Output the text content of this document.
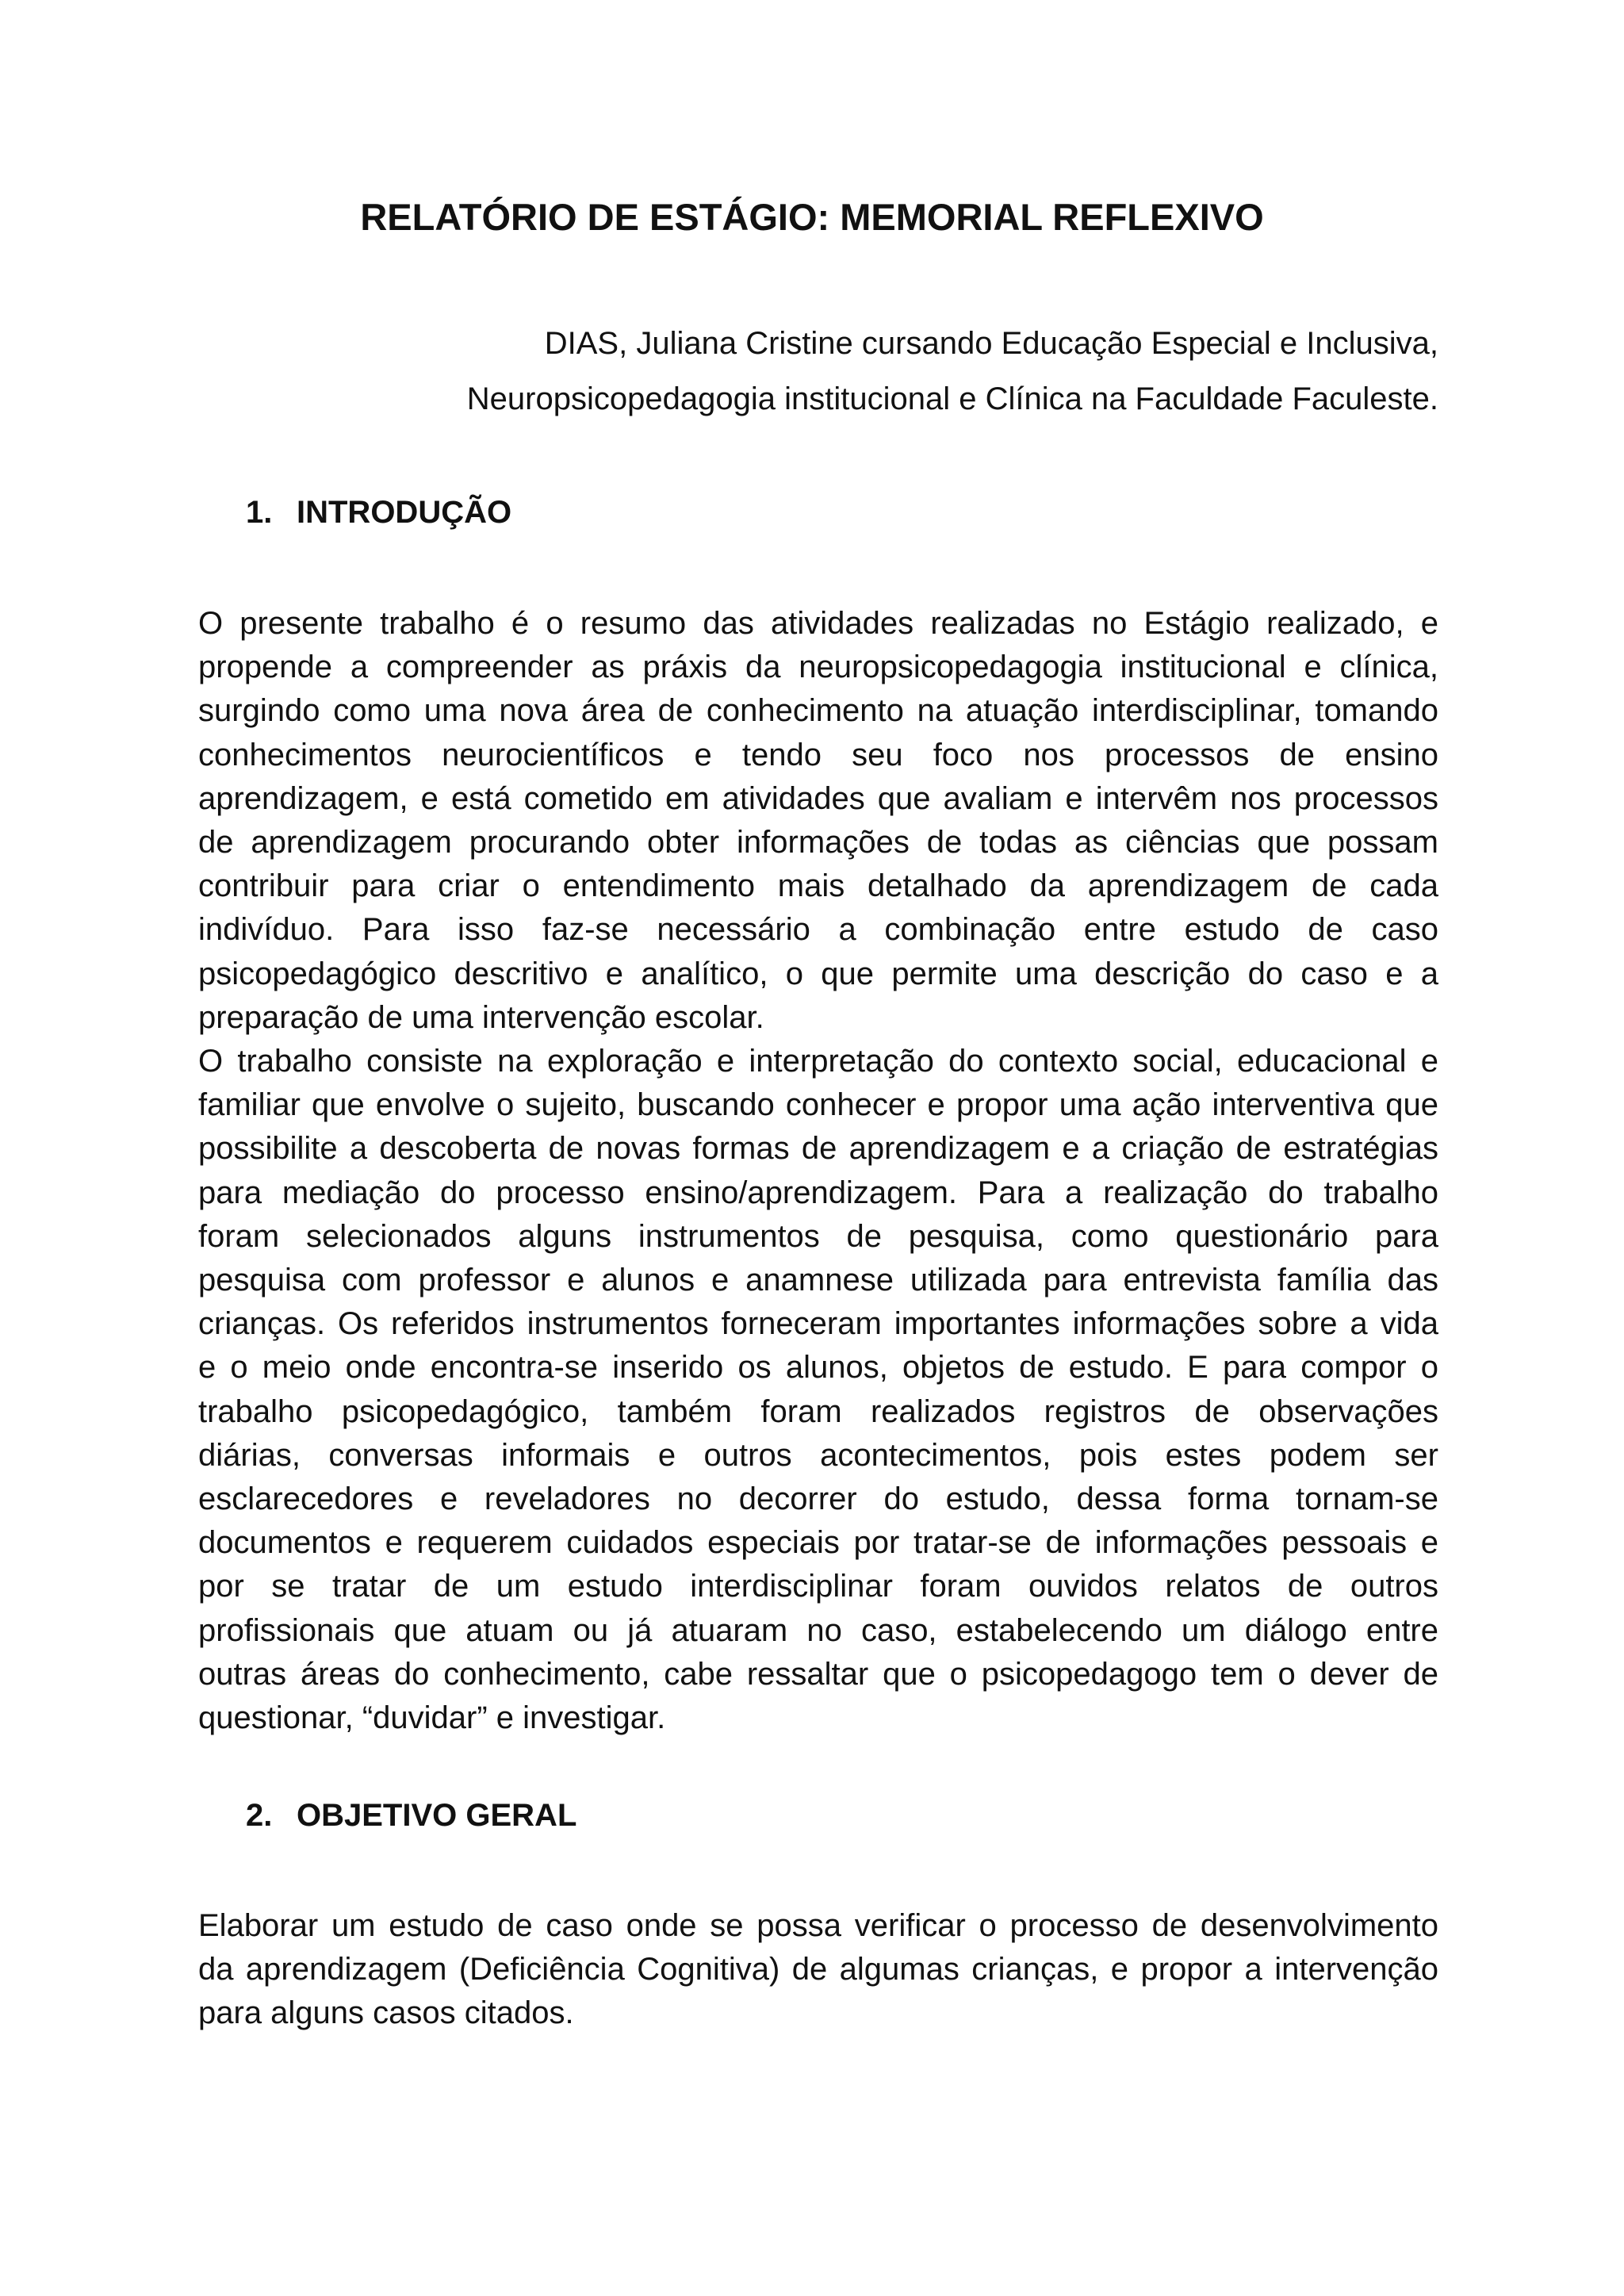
RELATÓRIO DE ESTÁGIO: MEMORIAL REFLEXIVO
DIAS, Juliana Cristine cursando Educação Especial e Inclusiva,
Neuropsicopedagogia institucional e Clínica na Faculdade Faculeste.
1. INTRODUÇÃO
O presente trabalho é o resumo das atividades realizadas no Estágio realizado, e
propende a compreender as práxis da neuropsicopedagogia institucional e clínica,
surgindo como uma nova área de conhecimento na atuação interdisciplinar, tomando
conhecimentos neurocientíficos e tendo seu foco nos processos de ensino
aprendizagem, e está cometido em atividades que avaliam e intervêm nos processos
de aprendizagem procurando obter informações de todas as ciências que possam
contribuir para criar o entendimento mais detalhado da aprendizagem de cada
indivíduo. Para isso faz-se necessário a combinação entre estudo de caso
psicopedagógico descritivo e analítico, o que permite uma descrição do caso e a
preparação de uma intervenção escolar.
O trabalho consiste na exploração e interpretação do contexto social, educacional e
familiar que envolve o sujeito, buscando conhecer e propor uma ação interventiva que
possibilite a descoberta de novas formas de aprendizagem e a criação de estratégias
para mediação do processo ensino/aprendizagem. Para a realização do trabalho
foram selecionados alguns instrumentos de pesquisa, como questionário para
pesquisa com professor e alunos e anamnese utilizada para entrevista família das
crianças. Os referidos instrumentos forneceram importantes informações sobre a vida
e o meio onde encontra-se inserido os alunos, objetos de estudo. E para compor o
trabalho psicopedagógico, também foram realizados registros de observações
diárias, conversas informais e outros acontecimentos, pois estes podem ser
esclarecedores e reveladores no decorrer do estudo, dessa forma tornam-se
documentos e requerem cuidados especiais por tratar-se de informações pessoais e
por se tratar de um estudo interdisciplinar foram ouvidos relatos de outros
profissionais que atuam ou já atuaram no caso, estabelecendo um diálogo entre
outras áreas do conhecimento, cabe ressaltar que o psicopedagogo tem o dever de
questionar, “duvidar” e investigar.
2. OBJETIVO GERAL
Elaborar um estudo de caso onde se possa verificar o processo de desenvolvimento
da aprendizagem (Deficiência Cognitiva) de algumas crianças, e propor a intervenção
para alguns casos citados.
